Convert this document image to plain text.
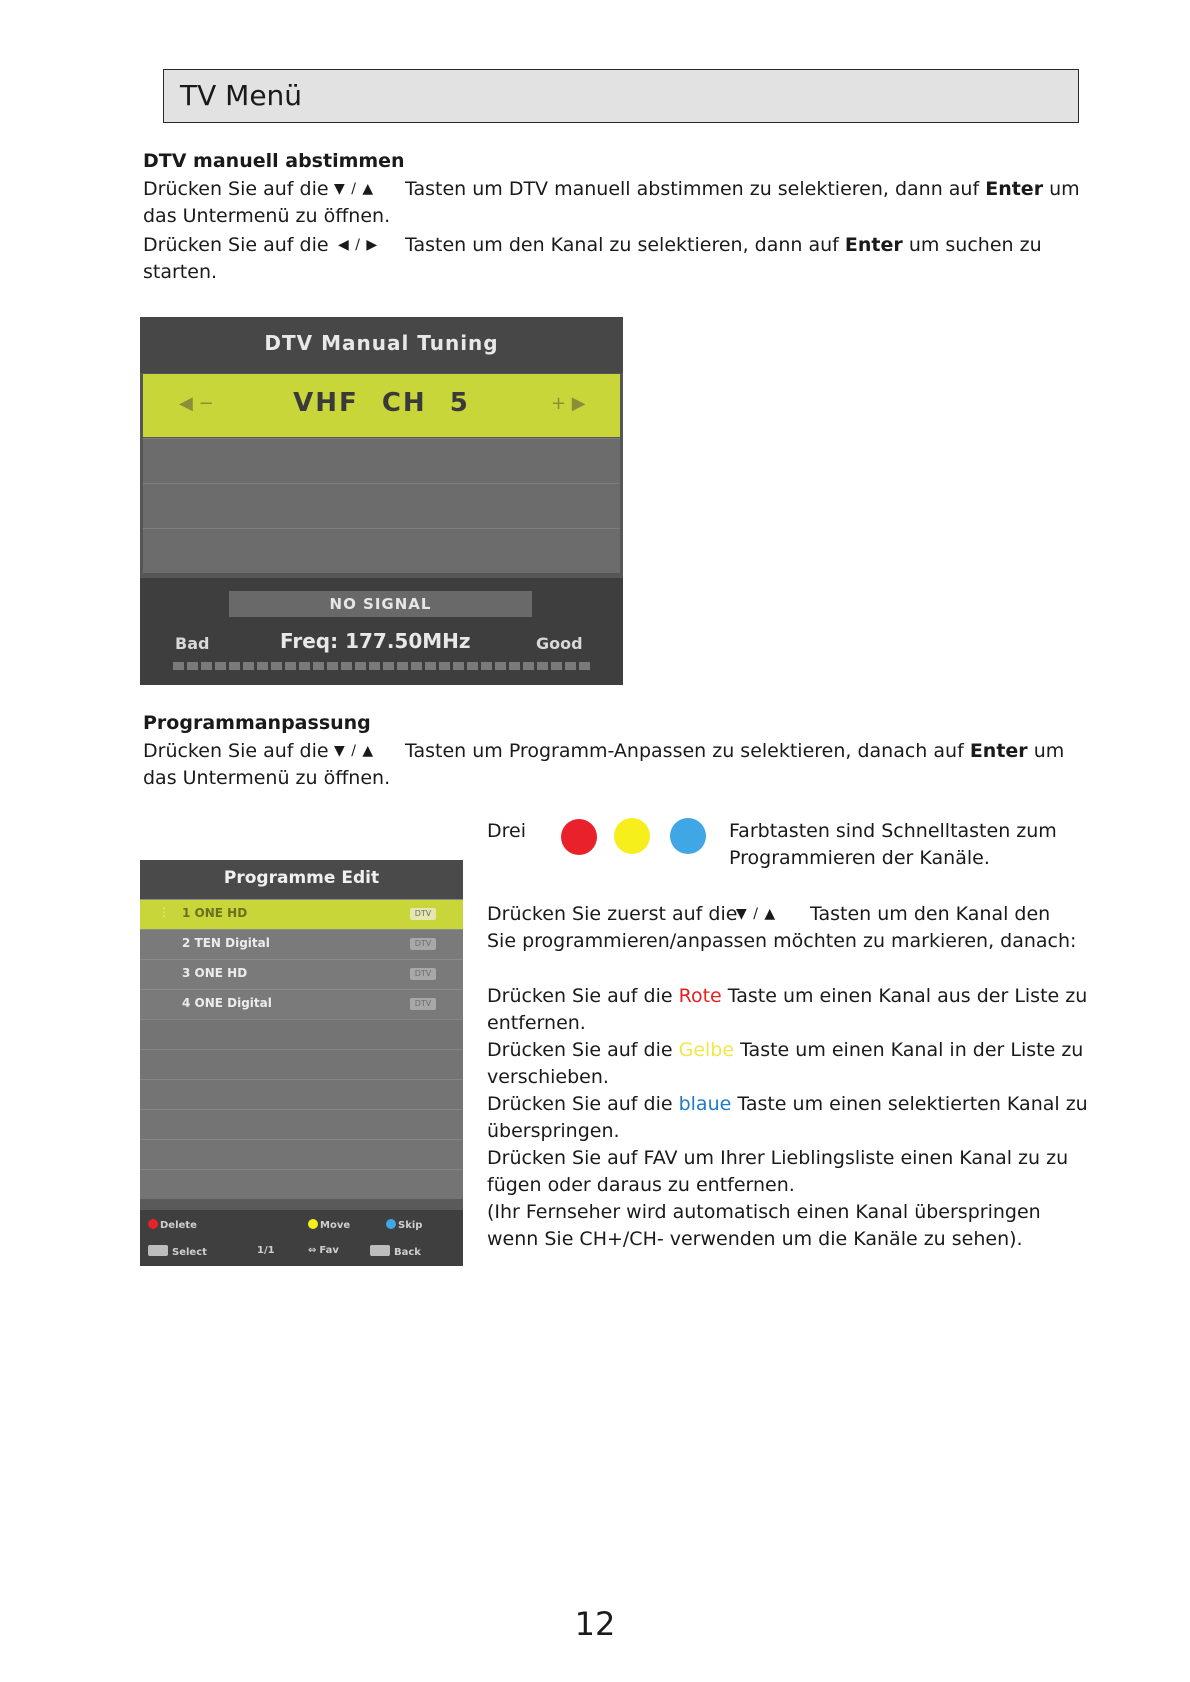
TV Menü
DTV manuell abstimmen
Drücken Sie auf die ▼ / ▲ Tasten um DTV manuell abstimmen zu selektieren, dann auf Enter um
das Untermenü zu öffnen.
Drücken Sie auf die ◀ / ▶ Tasten um den Kanal zu selektieren, dann auf Enter um suchen zu
starten.
DTV Manual Tuning
◀ −	VHF CH 5	+ ▶
NO SIGNAL
Bad	Freq: 177.50MHz	Good
Programmanpassung
Drücken Sie auf die ▼ / ▲ Tasten um Programm-Anpassen zu selektieren, danach auf Enter um
das Untermenü zu öffnen.
Drei	Farbtasten sind Schnelltasten zum
Programmieren der Kanäle.
Drücken Sie zuerst auf die
▼ / ▲ Tasten um den Kanal den
Sie programmieren/anpassen möchten zu markieren, danach:
Drücken Sie auf die Rote Taste um einen Kanal aus der Liste zu
entfernen.
Drücken Sie auf die Gelbe Taste um einen Kanal in der Liste zu
verschieben.
Drücken Sie auf die blaue Taste um einen selektierten Kanal zu
überspringen.
Drücken Sie auf FAV um Ihrer Lieblingsliste einen Kanal zu zu
fügen oder daraus zu entfernen.
(Ihr Fernseher wird automatisch einen Kanal überspringen
wenn Sie CH+/CH- verwenden um die Kanäle zu sehen).
Programme Edit
⋮ 1 ONE HD	DTV
2 TEN Digital	DTV
3 ONE HD	DTV
4 ONE Digital	DTV
Delete	Move	Skip
Select	1/1	⇔ Fav	Back
12
